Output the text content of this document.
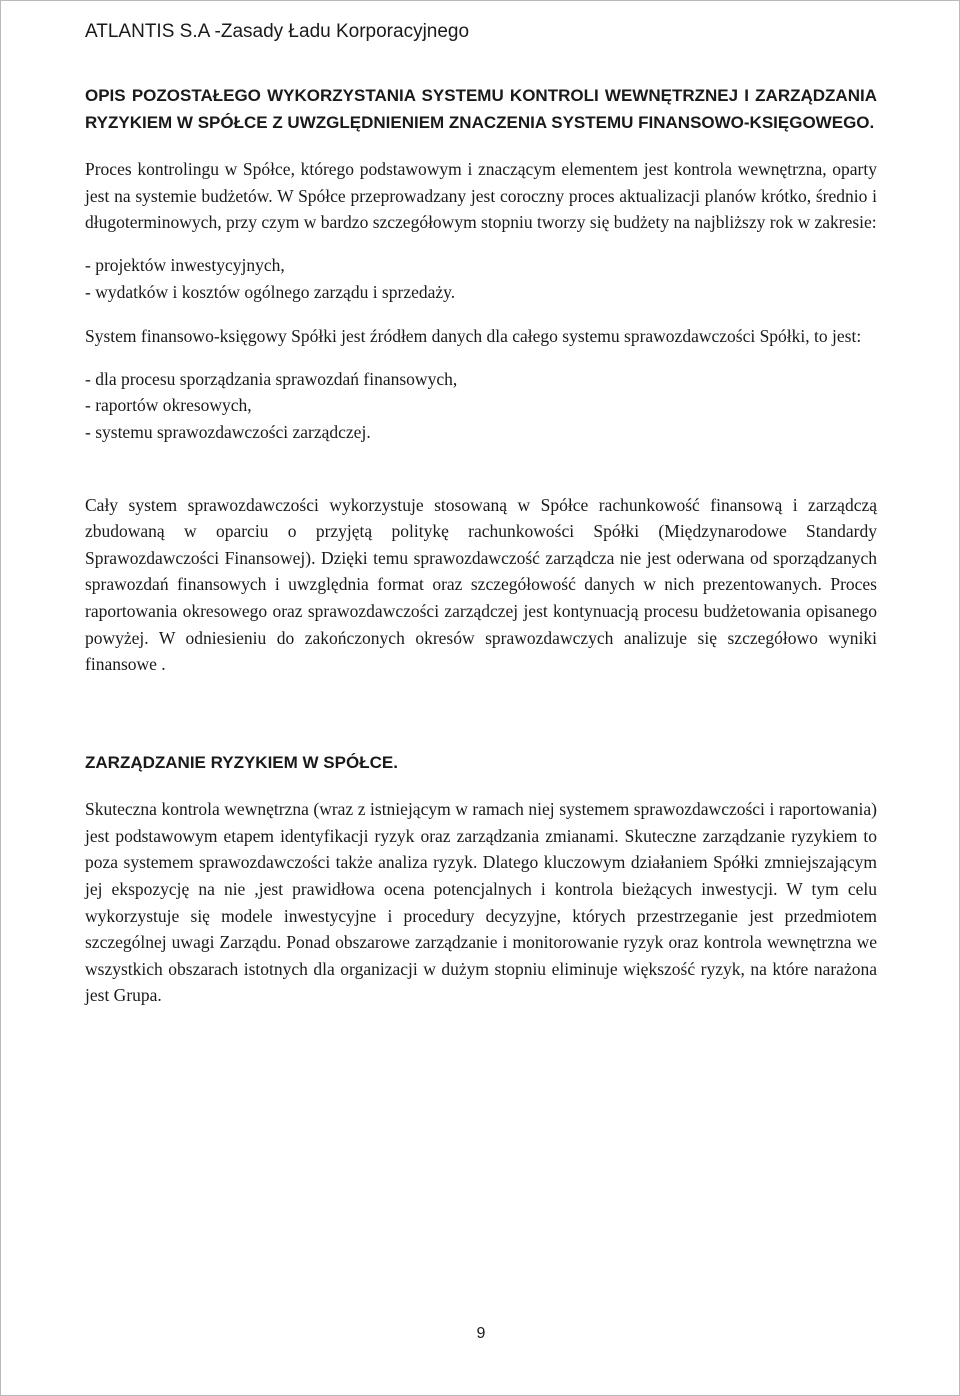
ATLANTIS S.A -Zasady Ładu Korporacyjnego

OPIS POZOSTAŁEGO WYKORZYSTANIA SYSTEMU KONTROLI WEWNĘTRZNEJ I ZARZĄDZANIA RYZYKIEM W SPÓŁCE Z UWZGLĘDNIENIEM ZNACZENIA SYSTEMU FINANSOWO-KSIĘGOWEGO.

Proces kontrolingu w Spółce, którego podstawowym i znaczącym elementem jest kontrola wewnętrzna, oparty jest na systemie budżetów. W Spółce przeprowadzany jest coroczny proces aktualizacji planów krótko, średnio i długoterminowych, przy czym w bardzo szczegółowym stopniu tworzy się budżety na najbliższy rok w zakresie:

- projektów inwestycyjnych,
- wydatków i kosztów ogólnego zarządu i sprzedaży.

System finansowo-księgowy Spółki jest źródłem danych dla całego systemu sprawozdawczości Spółki, to jest:

- dla procesu sporządzania sprawozdań finansowych,
- raportów okresowych,
- systemu sprawozdawczości zarządczej.

Cały system sprawozdawczości wykorzystuje stosowaną w Spółce rachunkowość finansową i zarządczą zbudowaną w oparciu o przyjętą politykę rachunkowości Spółki (Międzynarodowe Standardy Sprawozdawczości Finansowej). Dzięki temu sprawozdawczość zarządcza nie jest oderwana od sporządzanych sprawozdań finansowych i uwzględnia format oraz szczegółowość danych w nich prezentowanych. Proces raportowania okresowego oraz sprawozdawczości zarządczej jest kontynuacją procesu budżetowania opisanego powyżej. W odniesieniu do zakończonych okresów sprawozdawczych analizuje się szczegółowo wyniki finansowe .

ZARZĄDZANIE RYZYKIEM W SPÓŁCE.

Skuteczna kontrola wewnętrzna (wraz z istniejącym w ramach niej systemem sprawozdawczości i raportowania) jest podstawowym etapem identyfikacji ryzyk oraz zarządzania zmianami. Skuteczne zarządzanie ryzykiem to poza systemem sprawozdawczości także analiza ryzyk. Dlatego kluczowym działaniem Spółki zmniejszającym jej ekspozycję na nie ,jest prawidłowa ocena potencjalnych i kontrola bieżących inwestycji. W tym celu wykorzystuje się modele inwestycyjne i procedury decyzyjne, których przestrzeganie jest przedmiotem szczególnej uwagi Zarządu. Ponad obszarowe zarządzanie i monitorowanie ryzyk oraz kontrola wewnętrzna we wszystkich obszarach istotnych dla organizacji w dużym stopniu eliminuje większość ryzyk, na które narażona jest Grupa.

9
